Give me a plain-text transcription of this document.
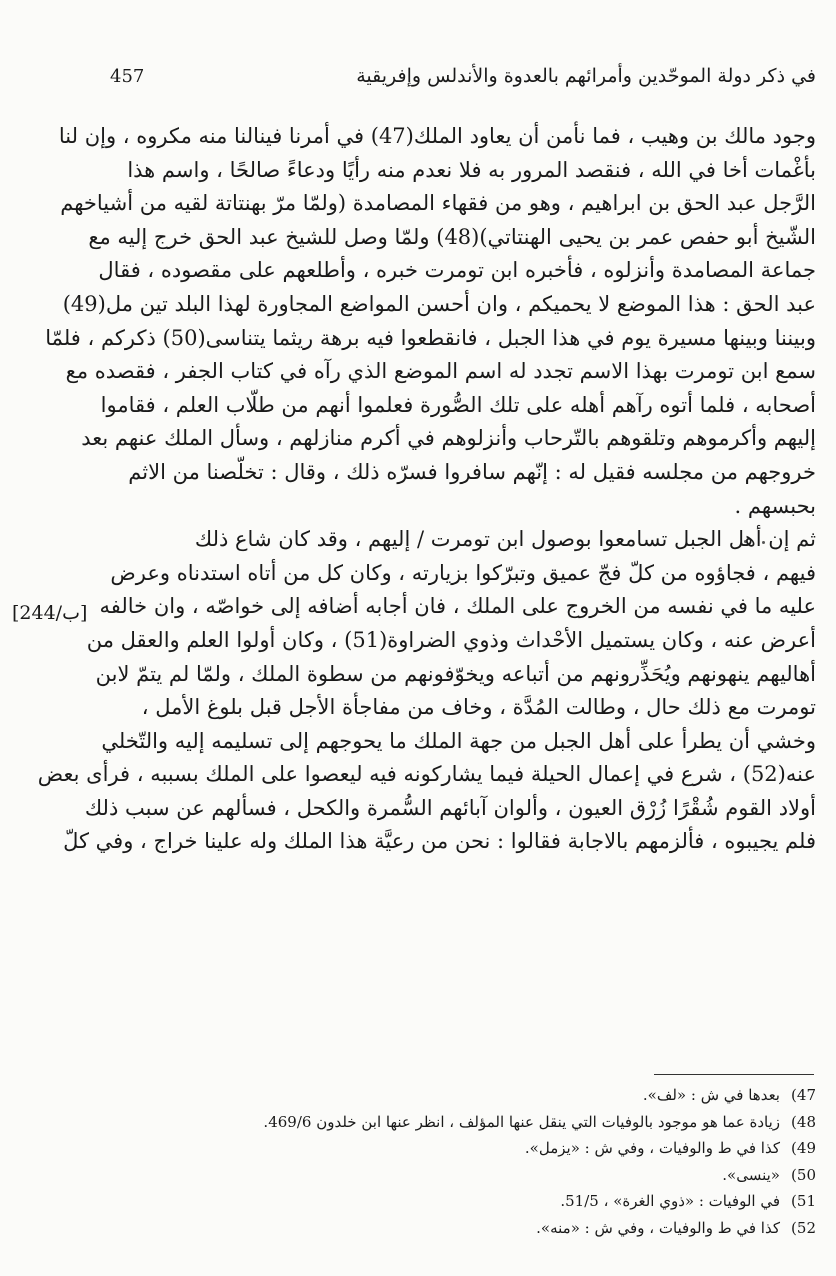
457	في ذكر دولة الموحّدين وأمرائهم بالعدوة والأندلس وإفريقية
[244/ب]
وجود مالك بن وهيب ، فما نأمن أن يعاود الملك(47) في أمرنا فينالنا منه مكروه ، وإن لنا
بأغْمات أخا في الله ، فنقصد المرور به فلا نعدم منه رأيًا ودعاءً صالحًا ، واسم هذا
الرَّجل عبد الحق بن ابراهيم ، وهو من فقهاء المصامدة (ولمّا مرّ بهنتاتة لقيه من أشياخهم
الشّيخ أبو حفص عمر بن يحيى الهنتاتي)(48) ولمّا وصل للشيخ عبد الحق خرج إليه مع
جماعة المصامدة وأنزلوه ، فأخبره ابن تومرت خبره ، وأطلعهم على مقصوده ، فقال
عبد الحق : هذا الموضع لا يحميكم ، وان أحسن المواضع المجاورة لهذا البلد تين مل(49)
وبيننا وبينها مسيرة يوم في هذا الجبل ، فانقطعوا فيه برهة ريثما يتناسى(50) ذكركم ، فلمّا
سمع ابن تومرت بهذا الاسم تجدد له اسم الموضع الذي رآه في كتاب الجفر ، فقصده مع
أصحابه ، فلما أتوه رآهم أهله على تلك الصُّورة فعلموا أنهم من طلّاب العلم ، فقاموا
إليهم وأكرموهم وتلقوهم بالتّرحاب وأنزلوهم في أكرم منازلهم ، وسأل الملك عنهم بعد
خروجهم من مجلسه فقيل له : إنّهم سافروا فسرّه ذلك ، وقال : تخلّصنا من الاثم
بحبسهم .
ثم إن أهل الجبل تسامعوا بوصول ابن تومرت / إليهم ، وقد كان شاع ذلك
فيهم ، فجاؤوه من كلّ فجّ عميق وتبرّكوا بزيارته ، وكان كل من أتاه استدناه وعرض
عليه ما في نفسه من الخروج على الملك ، فان أجابه أضافه إلى خواصّه ، وان خالفه
أعرض عنه ، وكان يستميل الأحْداث وذوي الضراوة(51) ، وكان أولوا العلم والعقل من
أهاليهم ينهونهم ويُحَذِّرونهم من أتباعه ويخوّفونهم من سطوة الملك ، ولمّا لم يتمّ لابن
تومرت مع ذلك حال ، وطالت المُدَّة ، وخاف من مفاجأة الأجل قبل بلوغ الأمل ،
وخشي أن يطرأ على أهل الجبل من جهة الملك ما يحوجهم إلى تسليمه إليه والتّخلي
عنه(52) ، شرع في إعمال الحيلة فيما يشاركونه فيه ليعصوا على الملك بسببه ، فرأى بعض
أولاد القوم شُقْرًا زُرْق العيون ، وألوان آبائهم السُّمرة والكحل ، فسألهم عن سبب ذلك
فلم يجيبوه ، فألزمهم بالاجابة فقالوا : نحن من رعيَّة هذا الملك وله علينا خراج ، وفي كلّ
47)
بعدها في ش : «لف».
48)
زيادة عما هو موجود بالوفيات التي ينقل عنها المؤلف ، انظر عنها ابن خلدون 469/6.
49)
كذا في ط والوفيات ، وفي ش : «يزمل».
50)
«ينسى».
51)
في الوفيات : «ذوي الغرة» ، 51/5.
52)
كذا في ط والوفيات ، وفي ش : «منه».
